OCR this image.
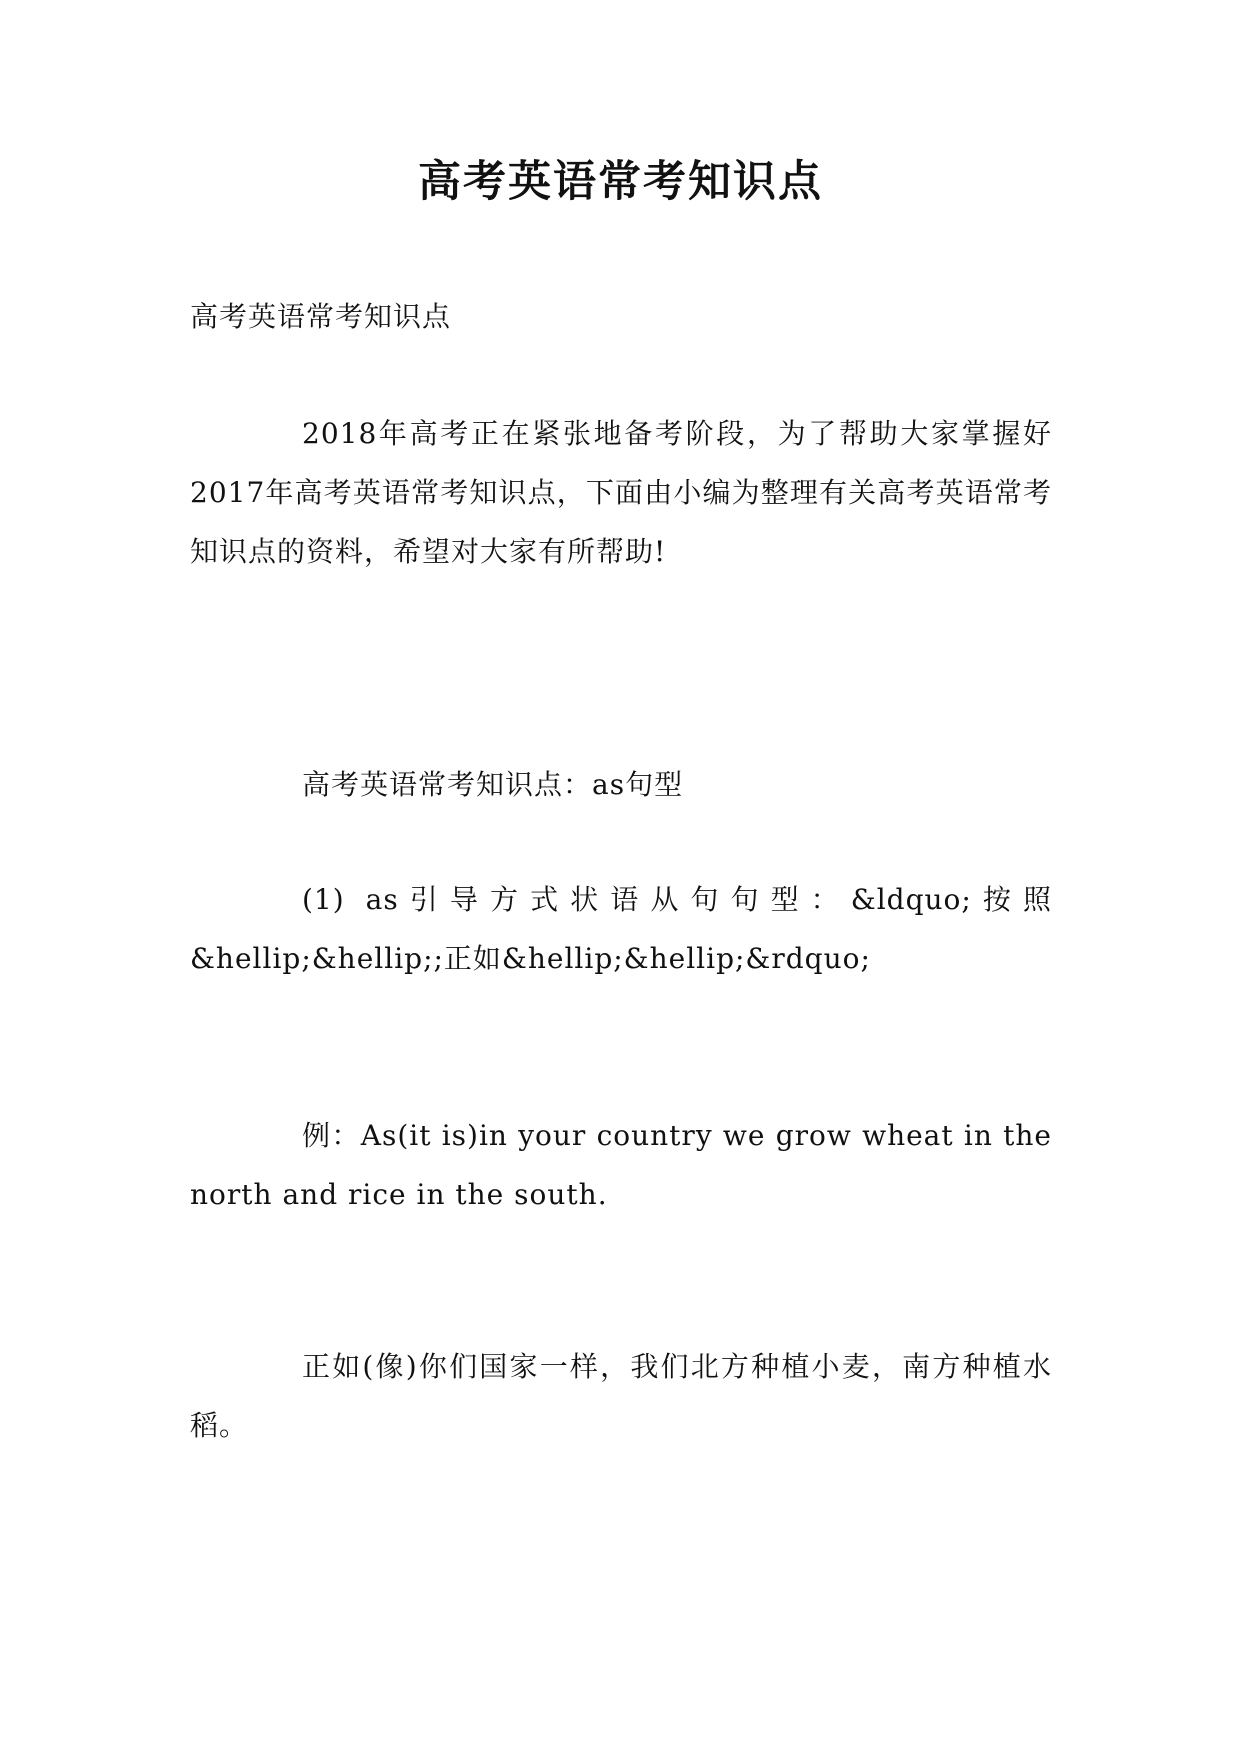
高考英语常考知识点
高考英语常考知识点
2018年高考正在紧张地备考阶段，为了帮助大家掌握好2017年高考英语常考知识点，下面由小编为整理有关高考英语常考知识点的资料，希望对大家有所帮助!
高考英语常考知识点：as句型
(1) as引导方式状语从句句型：&ldquo;按照&hellip;&hellip;;正如&hellip;&hellip;&rdquo;
例：As(it is)in your country we grow wheat in the north and rice in the south.
正如(像)你们国家一样，我们北方种植小麦，南方种植水稻。
